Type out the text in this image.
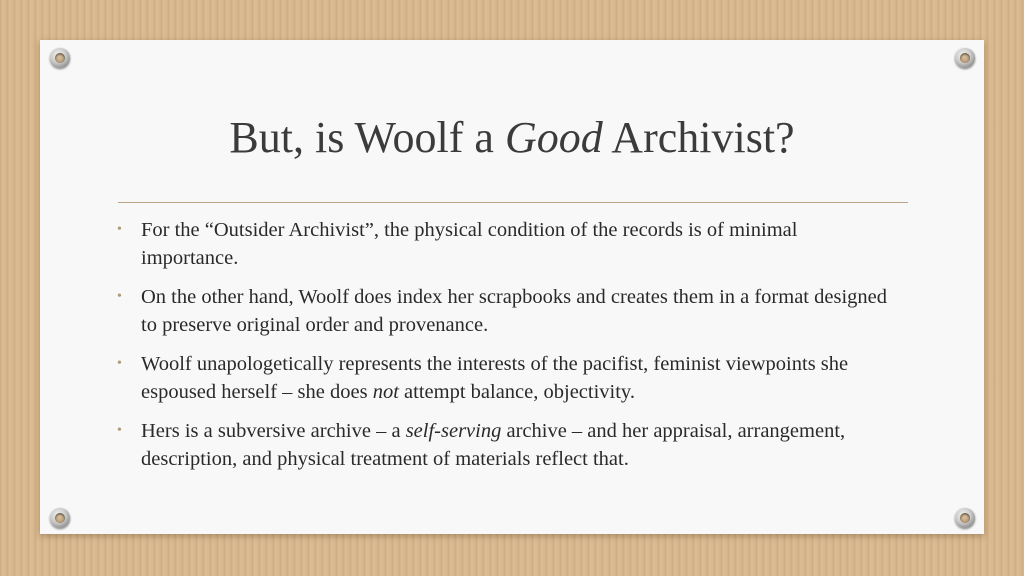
But, is Woolf a Good Archivist?
• For the “Outsider Archivist”, the physical condition of the records is of minimal importance.
• On the other hand, Woolf does index her scrapbooks and creates them in a format designed to preserve original order and provenance.
• Woolf unapologetically represents the interests of the pacifist, feminist viewpoints she espoused herself – she does not attempt balance, objectivity.
• Hers is a subversive archive – a self-serving archive – and her appraisal, arrangement, description, and physical treatment of materials reflect that.
